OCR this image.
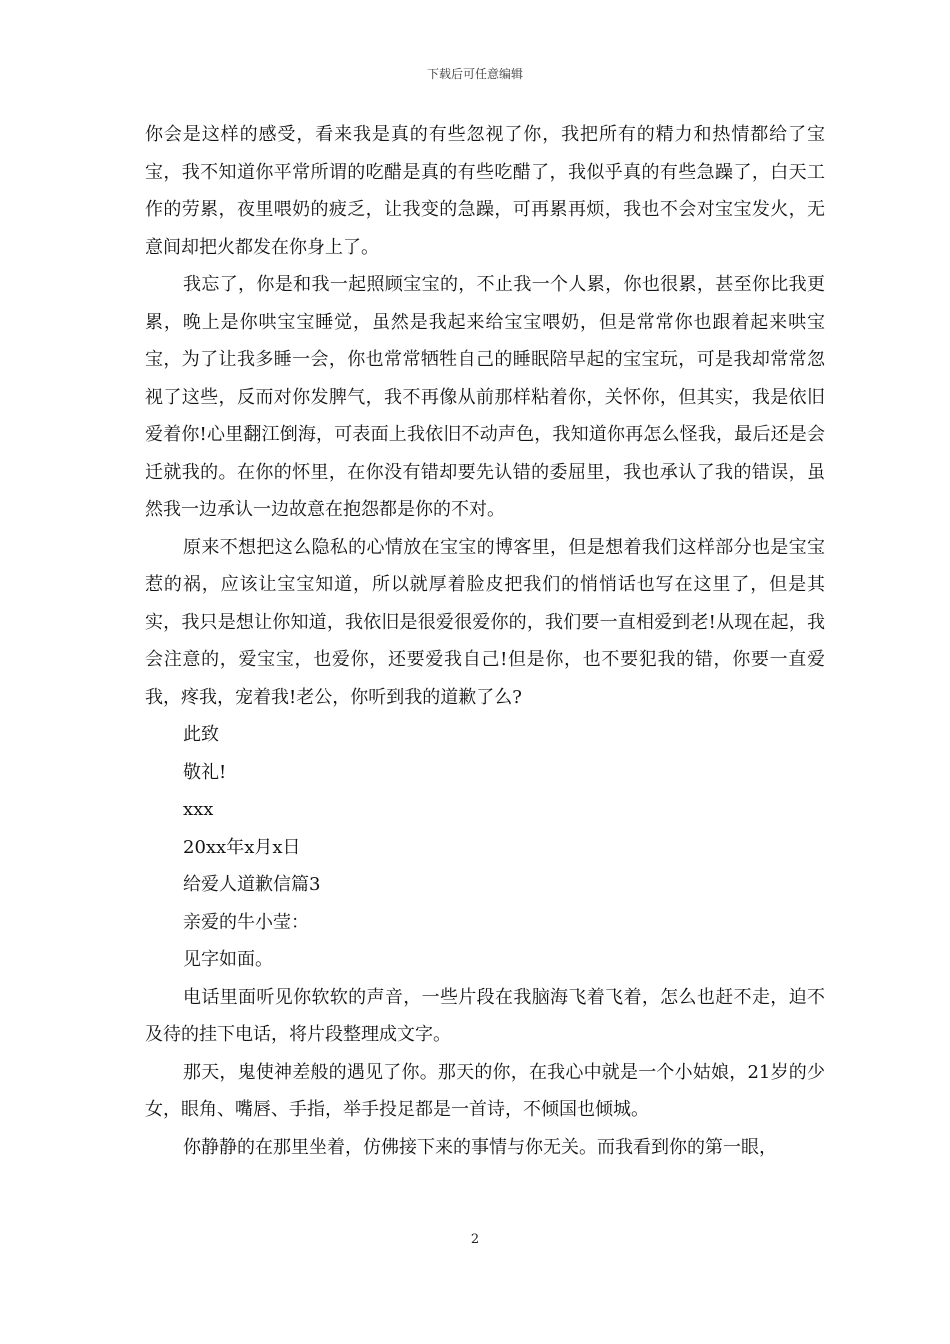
下载后可任意编辑

你会是这样的感受，看来我是真的有些忽视了你，我把所有的精力和热情都给了宝宝，我不知道你平常所谓的吃醋是真的有些吃醋了，我似乎真的有些急躁了，白天工作的劳累，夜里喂奶的疲乏，让我变的急躁，可再累再烦，我也不会对宝宝发火，无意间却把火都发在你身上了。

我忘了，你是和我一起照顾宝宝的，不止我一个人累，你也很累，甚至你比我更累，晚上是你哄宝宝睡觉，虽然是我起来给宝宝喂奶，但是常常你也跟着起来哄宝宝，为了让我多睡一会，你也常常牺牲自己的睡眠陪早起的宝宝玩，可是我却常常忽视了这些，反而对你发脾气，我不再像从前那样粘着你，关怀你，但其实，我是依旧爱着你!心里翻江倒海，可表面上我依旧不动声色，我知道你再怎么怪我，最后还是会迁就我的。在你的怀里，在你没有错却要先认错的委屈里，我也承认了我的错误，虽然我一边承认一边故意在抱怨都是你的不对。

原来不想把这么隐私的心情放在宝宝的博客里，但是想着我们这样部分也是宝宝惹的祸，应该让宝宝知道，所以就厚着脸皮把我们的悄悄话也写在这里了，但是其实，我只是想让你知道，我依旧是很爱很爱你的，我们要一直相爱到老!从现在起，我会注意的，爱宝宝，也爱你，还要爱我自己!但是你，也不要犯我的错，你要一直爱我，疼我，宠着我!老公，你听到我的道歉了么?

此致

敬礼!

xxx

20xx年x月x日

给爱人道歉信篇3

亲爱的牛小莹：

见字如面。

电话里面听见你软软的声音，一些片段在我脑海飞着飞着，怎么也赶不走，迫不及待的挂下电话，将片段整理成文字。

那天，鬼使神差般的遇见了你。那天的你，在我心中就是一个小姑娘，21岁的少女，眼角、嘴唇、手指，举手投足都是一首诗，不倾国也倾城。

你静静的在那里坐着，仿佛接下来的事情与你无关。而我看到你的第一眼，

2
